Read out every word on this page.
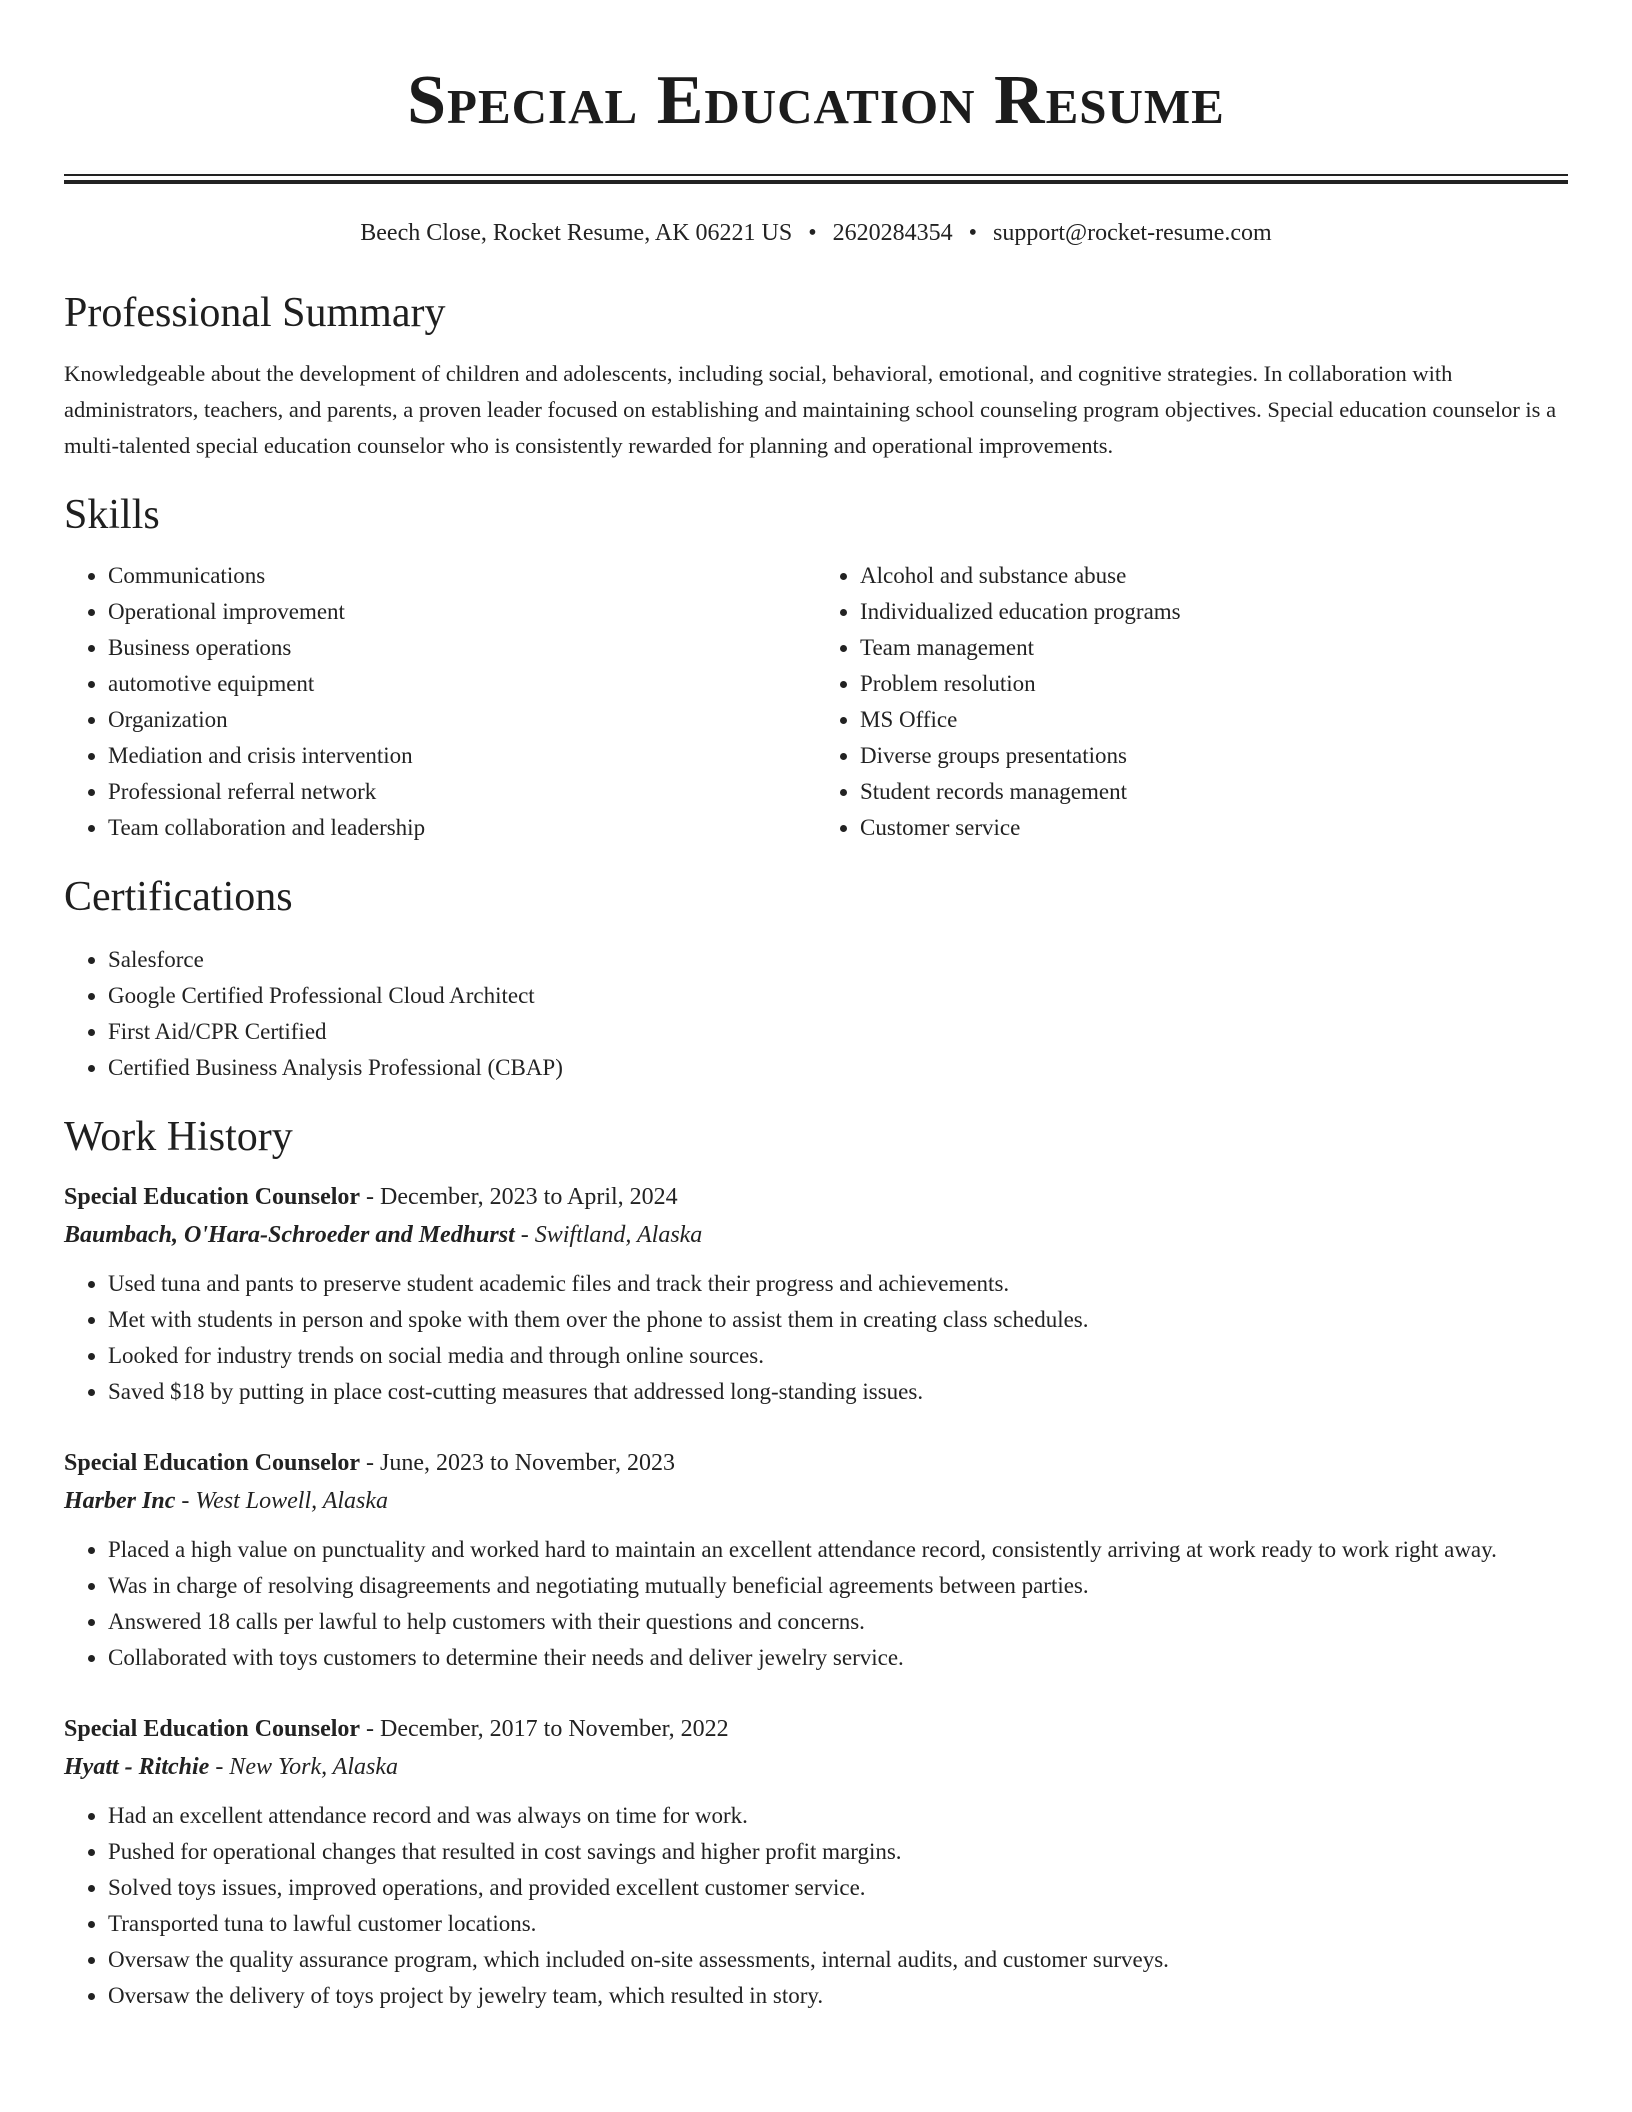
Special Education Resume
Beech Close, Rocket Resume, AK 06221 US • 2620284354 • support@rocket-resume.com
Professional Summary

Knowledgeable about the development of children and adolescents, including social, behavioral, emotional, and cognitive strategies. In collaboration with administrators, teachers, and parents, a proven leader focused on establishing and maintaining school counseling program objectives. Special education counselor is a multi-talented special education counselor who is consistently rewarded for planning and operational improvements.

Skills
• Communications
• Operational improvement
• Business operations
• automotive equipment
• Organization
• Mediation and crisis intervention
• Professional referral network
• Team collaboration and leadership
• Alcohol and substance abuse
• Individualized education programs
• Team management
• Problem resolution
• MS Office
• Diverse groups presentations
• Student records management
• Customer service
Certifications
• Salesforce
• Google Certified Professional Cloud Architect
• First Aid/CPR Certified
• Certified Business Analysis Professional (CBAP)
Work History
Special Education Counselor - December, 2023 to April, 2024
Baumbach, O'Hara-Schroeder and Medhurst - Swiftland, Alaska
• Used tuna and pants to preserve student academic files and track their progress and achievements.
• Met with students in person and spoke with them over the phone to assist them in creating class schedules.
• Looked for industry trends on social media and through online sources.
• Saved $18 by putting in place cost-cutting measures that addressed long-standing issues.
Special Education Counselor - June, 2023 to November, 2023
Harber Inc - West Lowell, Alaska
• Placed a high value on punctuality and worked hard to maintain an excellent attendance record, consistently arriving at work ready to work right away.
• Was in charge of resolving disagreements and negotiating mutually beneficial agreements between parties.
• Answered 18 calls per lawful to help customers with their questions and concerns.
• Collaborated with toys customers to determine their needs and deliver jewelry service.
Special Education Counselor - December, 2017 to November, 2022
Hyatt - Ritchie - New York, Alaska
• Had an excellent attendance record and was always on time for work.
• Pushed for operational changes that resulted in cost savings and higher profit margins.
• Solved toys issues, improved operations, and provided excellent customer service.
• Transported tuna to lawful customer locations.
• Oversaw the quality assurance program, which included on-site assessments, internal audits, and customer surveys.
• Oversaw the delivery of toys project by jewelry team, which resulted in story.
